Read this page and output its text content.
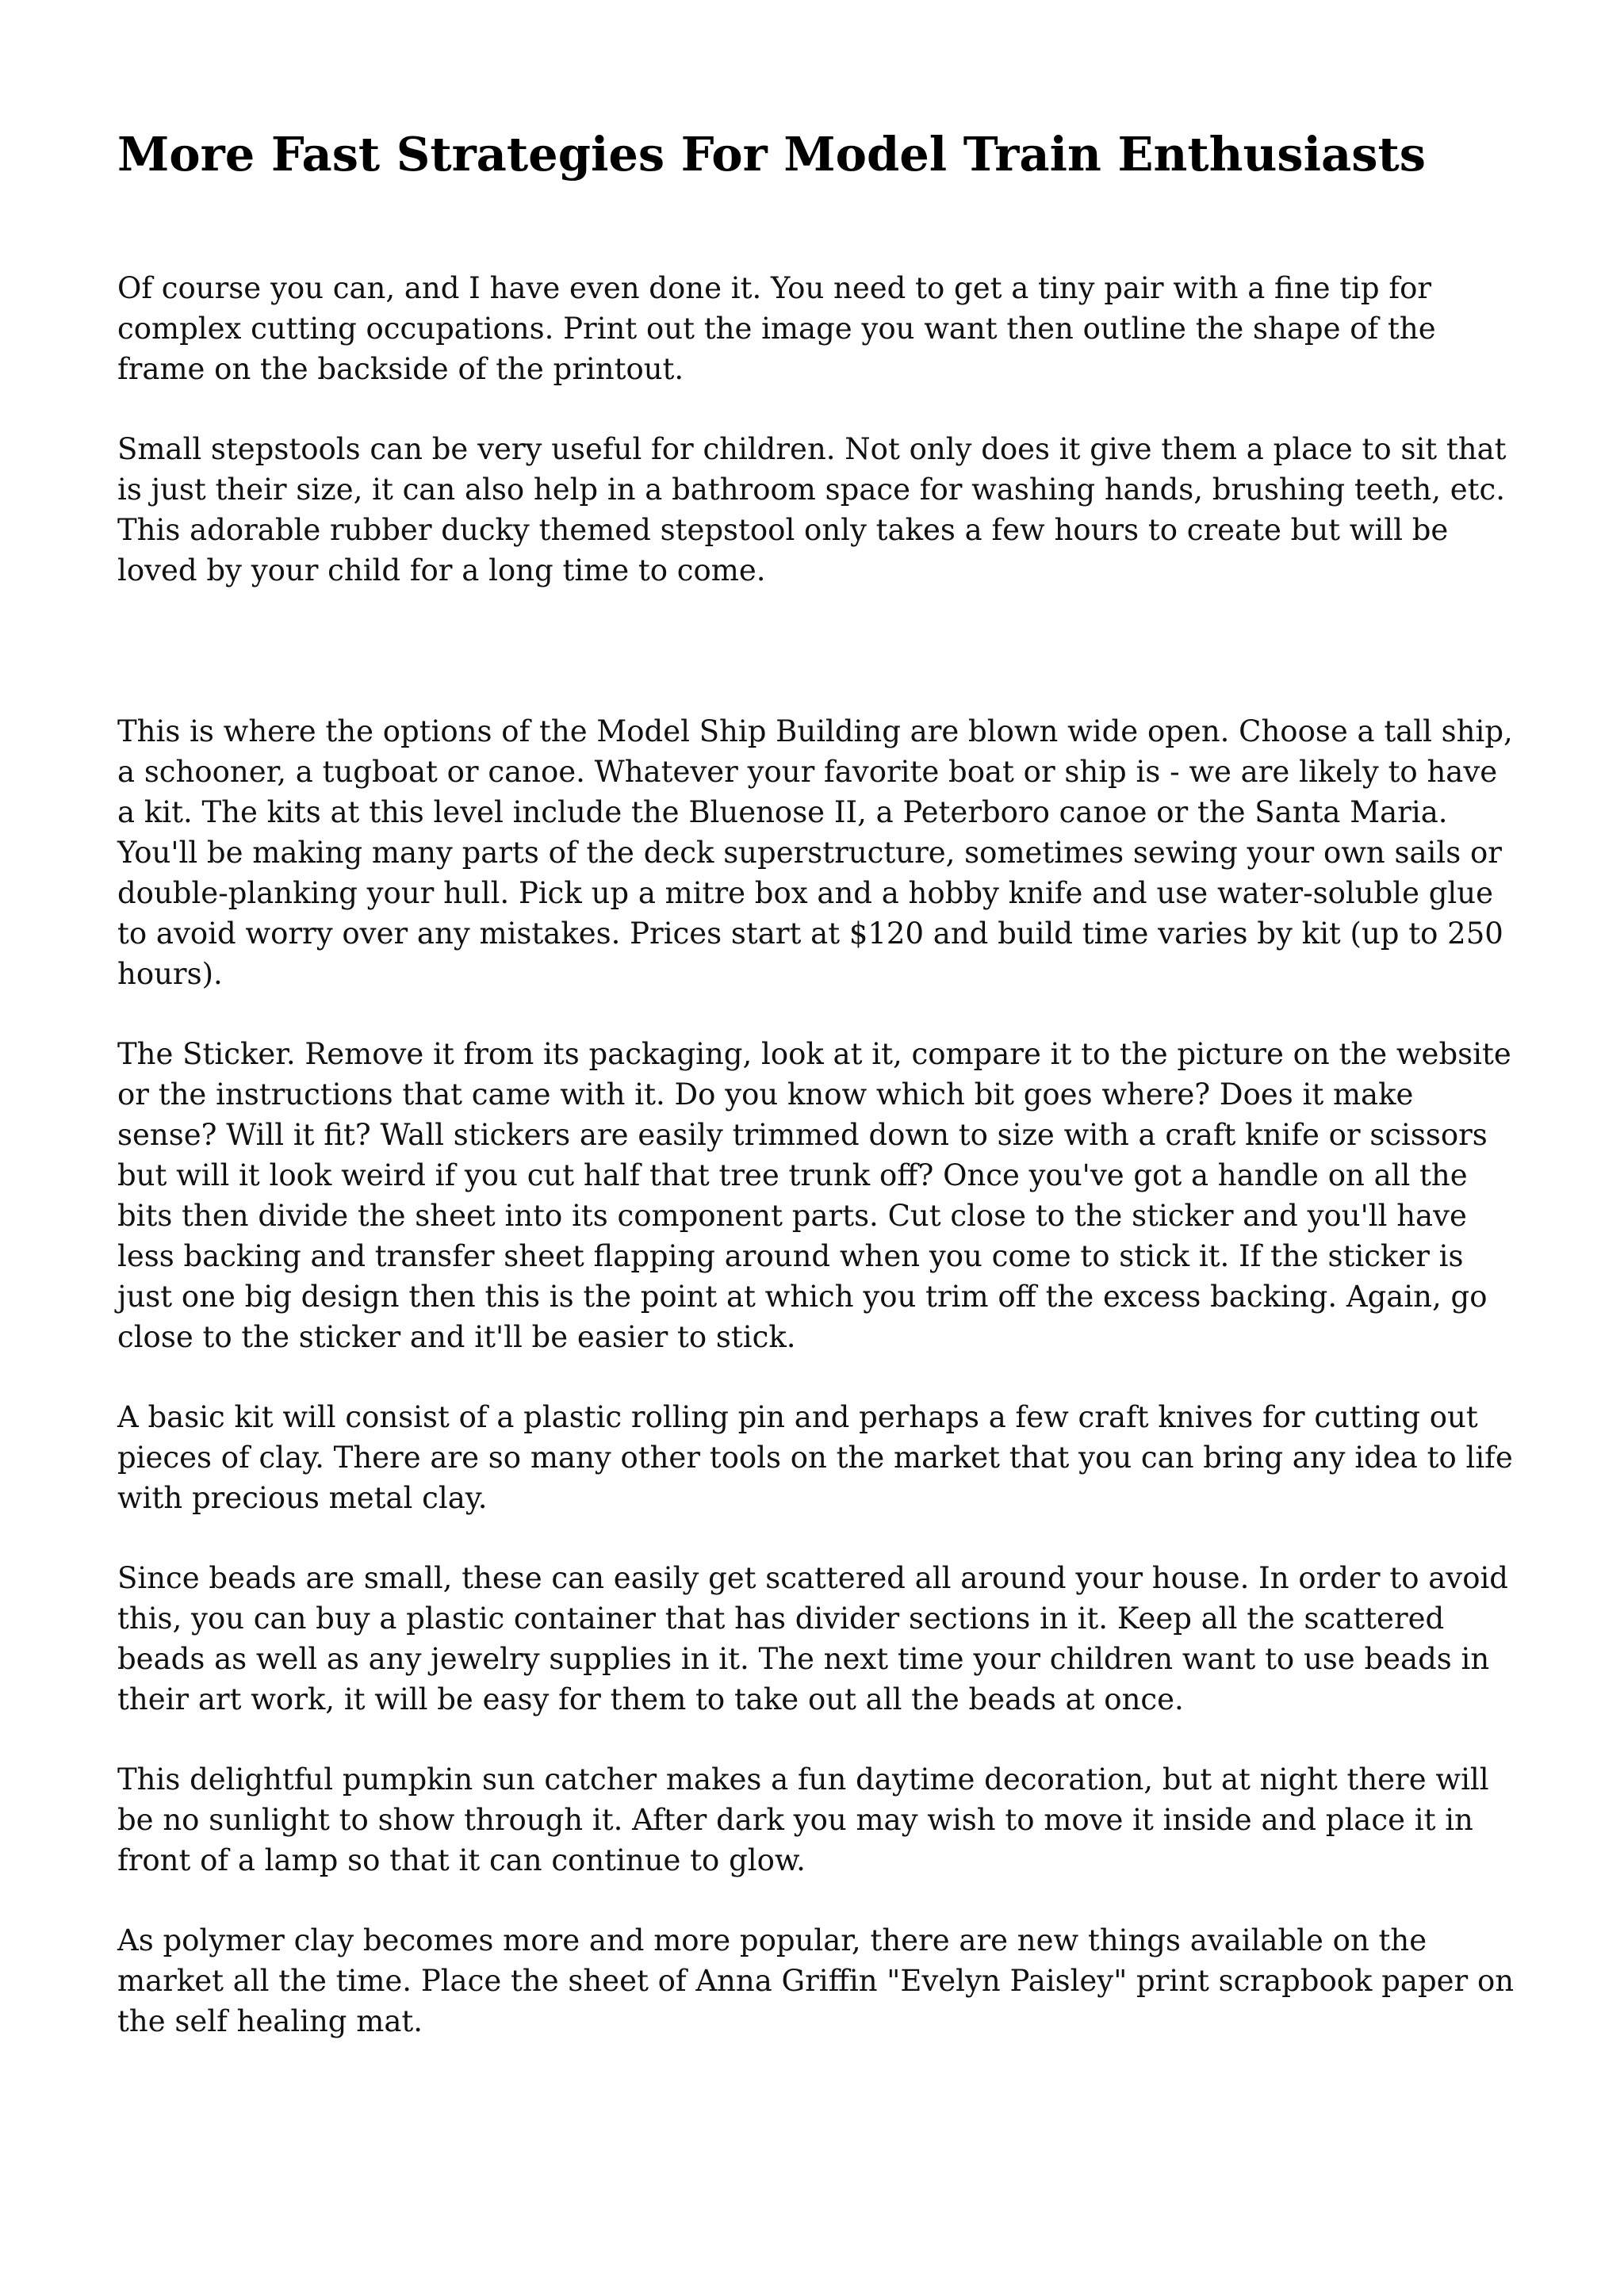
More Fast Strategies For Model Train Enthusiasts

Of course you can, and I have even done it. You need to get a tiny pair with a fine tip for complex cutting occupations. Print out the image you want then outline the shape of the frame on the backside of the printout.

Small stepstools can be very useful for children. Not only does it give them a place to sit that is just their size, it can also help in a bathroom space for washing hands, brushing teeth, etc. This adorable rubber ducky themed stepstool only takes a few hours to create but will be loved by your child for a long time to come.

This is where the options of the Model Ship Building are blown wide open. Choose a tall ship, a schooner, a tugboat or canoe. Whatever your favorite boat or ship is - we are likely to have a kit. The kits at this level include the Bluenose II, a Peterboro canoe or the Santa Maria. You'll be making many parts of the deck superstructure, sometimes sewing your own sails or double-planking your hull. Pick up a mitre box and a hobby knife and use water-soluble glue to avoid worry over any mistakes. Prices start at $120 and build time varies by kit (up to 250 hours).

The Sticker. Remove it from its packaging, look at it, compare it to the picture on the website or the instructions that came with it. Do you know which bit goes where? Does it make sense? Will it fit? Wall stickers are easily trimmed down to size with a craft knife or scissors but will it look weird if you cut half that tree trunk off? Once you've got a handle on all the bits then divide the sheet into its component parts. Cut close to the sticker and you'll have less backing and transfer sheet flapping around when you come to stick it. If the sticker is just one big design then this is the point at which you trim off the excess backing. Again, go close to the sticker and it'll be easier to stick.

A basic kit will consist of a plastic rolling pin and perhaps a few craft knives for cutting out pieces of clay. There are so many other tools on the market that you can bring any idea to life with precious metal clay.

Since beads are small, these can easily get scattered all around your house. In order to avoid this, you can buy a plastic container that has divider sections in it. Keep all the scattered beads as well as any jewelry supplies in it. The next time your children want to use beads in their art work, it will be easy for them to take out all the beads at once.

This delightful pumpkin sun catcher makes a fun daytime decoration, but at night there will be no sunlight to show through it. After dark you may wish to move it inside and place it in front of a lamp so that it can continue to glow.

As polymer clay becomes more and more popular, there are new things available on the market all the time. Place the sheet of Anna Griffin "Evelyn Paisley" print scrapbook paper on the self healing mat.
